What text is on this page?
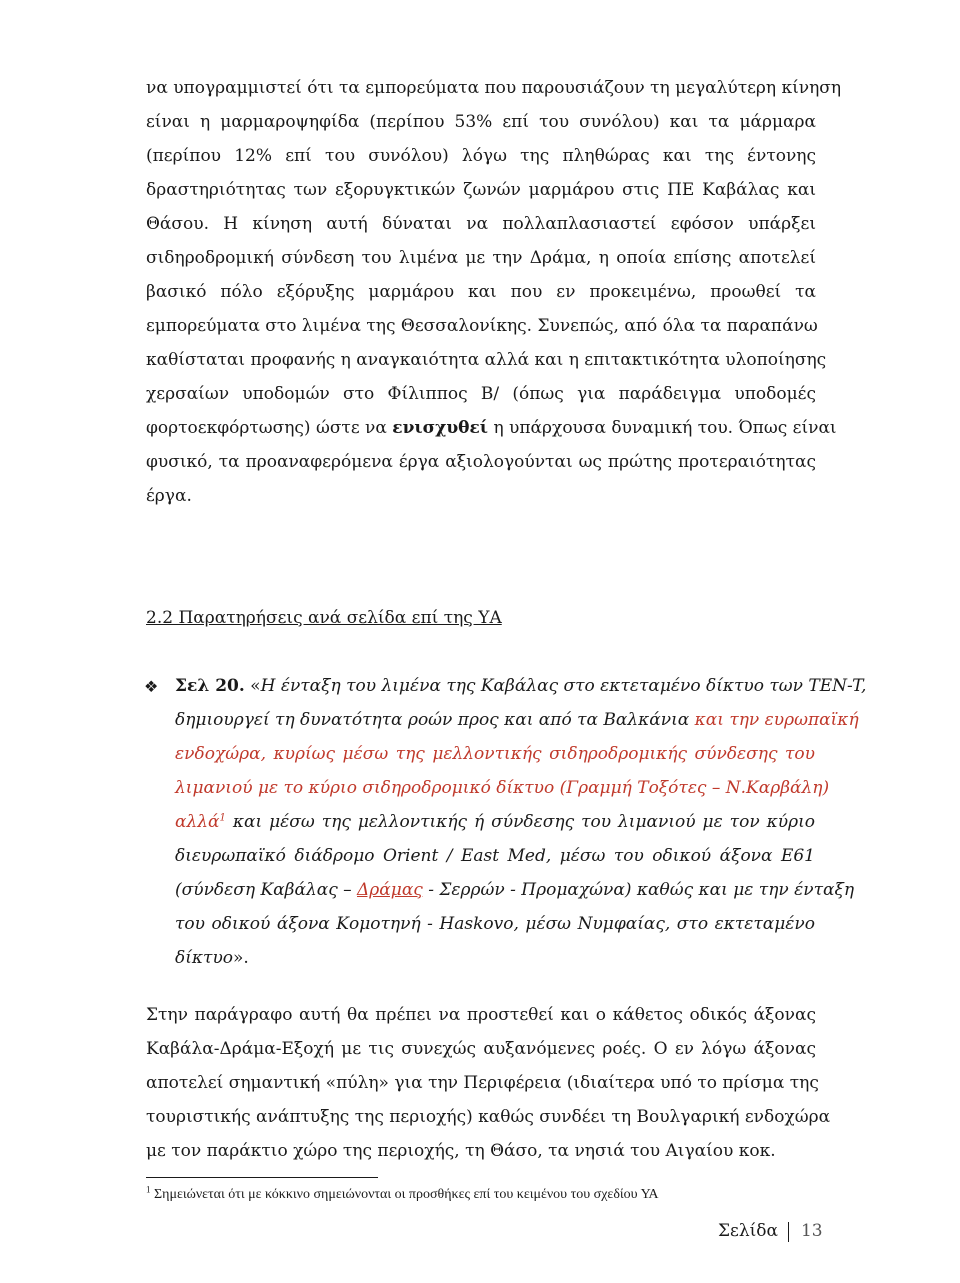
να υπογραμμιστεί ότι τα εμπορεύματα που παρουσιάζουν τη μεγαλύτερη κίνηση
είναι η μαρμαροψηφίδα (περίπου 53% επί του συνόλου) και τα μάρμαρα
(περίπου 12% επί του συνόλου) λόγω της πληθώρας και της έντονης
δραστηριότητας των εξορυγκτικών ζωνών μαρμάρου στις ΠΕ Καβάλας και
Θάσου. Η κίνηση αυτή δύναται να πολλαπλασιαστεί εφόσον υπάρξει
σιδηροδρομική σύνδεση του λιμένα με την Δράμα, η οποία επίσης αποτελεί
βασικό πόλο εξόρυξης μαρμάρου και που εν προκειμένω, προωθεί τα
εμπορεύματα στο λιμένα της Θεσσαλονίκης. Συνεπώς, από όλα τα παραπάνω
καθίσταται προφανής η αναγκαιότητα αλλά και η επιτακτικότητα υλοποίησης
χερσαίων υποδομών στο Φίλιππος Β/ (όπως για παράδειγμα υποδομές
φορτοεκφόρτωσης) ώστε να ενισχυθεί η υπάρχουσα δυναμική του. Όπως είναι
φυσικό, τα προαναφερόμενα έργα αξιολογούνται ως πρώτης προτεραιότητας
έργα.
2.2 Παρατηρήσεις ανά σελίδα επί της ΥΑ
❖ Σελ 20. «Η ένταξη του λιμένα της Καβάλας στο εκτεταμένο δίκτυο των TEN-T,
δημιουργεί τη δυνατότητα ροών προς και από τα Βαλκάνια και την ευρωπαϊκή
ενδοχώρα, κυρίως μέσω της μελλοντικής σιδηροδρομικής σύνδεσης του
λιμανιού με το κύριο σιδηροδρομικό δίκτυο (Γραμμή Τοξότες – Ν.Καρβάλη)
αλλά$^1$ και μέσω της μελλοντικής ή σύνδεσης του λιμανιού με τον κύριο
διευρωπαϊκό διάδρομο Orient / East Med, μέσω του οδικού άξονα Ε61
(σύνδεση Καβάλας – Δράμας - Σερρών - Προμαχώνα) καθώς και με την ένταξη
του οδικού άξονα Κομοτηνή - Haskovo, μέσω Νυμφαίας, στο εκτεταμένο
δίκτυο».
Στην παράγραφο αυτή θα πρέπει να προστεθεί και ο κάθετος οδικός άξονας
Καβάλα-Δράμα-Εξοχή με τις συνεχώς αυξανόμενες ροές. Ο εν λόγω άξονας
αποτελεί σημαντική «πύλη» για την Περιφέρεια (ιδιαίτερα υπό το πρίσμα της
τουριστικής ανάπτυξης της περιοχής) καθώς συνδέει τη Βουλγαρική ενδοχώρα
με τον παράκτιο χώρο της περιοχής, τη Θάσο, τα νησιά του Αιγαίου κοκ.
$^1$ Σημειώνεται ότι με κόκκινο σημειώνονται οι προσθήκες επί του κειμένου του σχεδίου ΥΑ
Σελίδα 13
